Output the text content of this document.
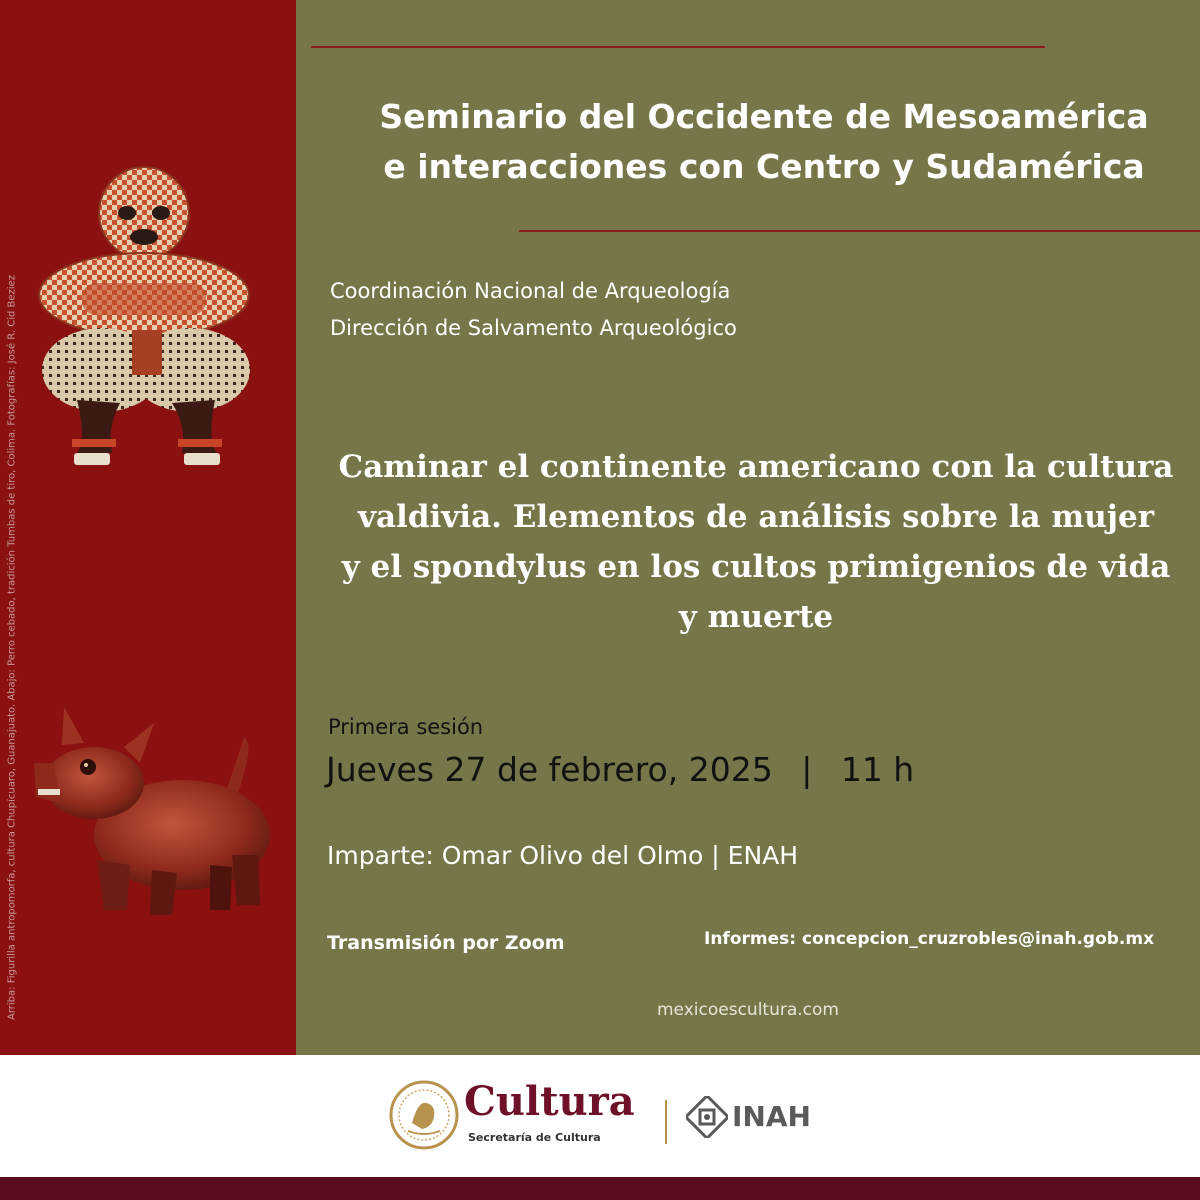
Arriba: Figurilla antropomorfa, cultura Chupícuaro, Guanajuato. Abajo: Perro cebado, tradición Tumbas de tiro, Colima. Fotografías: José R. Cid Beziez
Seminario del Occidente de Mesoamérica
e interacciones con Centro y Sudamérica
Coordinación Nacional de Arqueología
Dirección de Salvamento Arqueológico
Caminar el continente americano con la cultura
valdivia. Elementos de análisis sobre la mujer
y el spondylus en los cultos primigenios de vida
y muerte
Primera sesión
Jueves 27 de febrero, 2025 | 11 h
Imparte: Omar Olivo del Olmo | ENAH
Transmisión por Zoom	Informes: concepcion_cruzrobles@inah.gob.mx
mexicoescultura.com
Cultura
Secretaría de Cultura
INAH
